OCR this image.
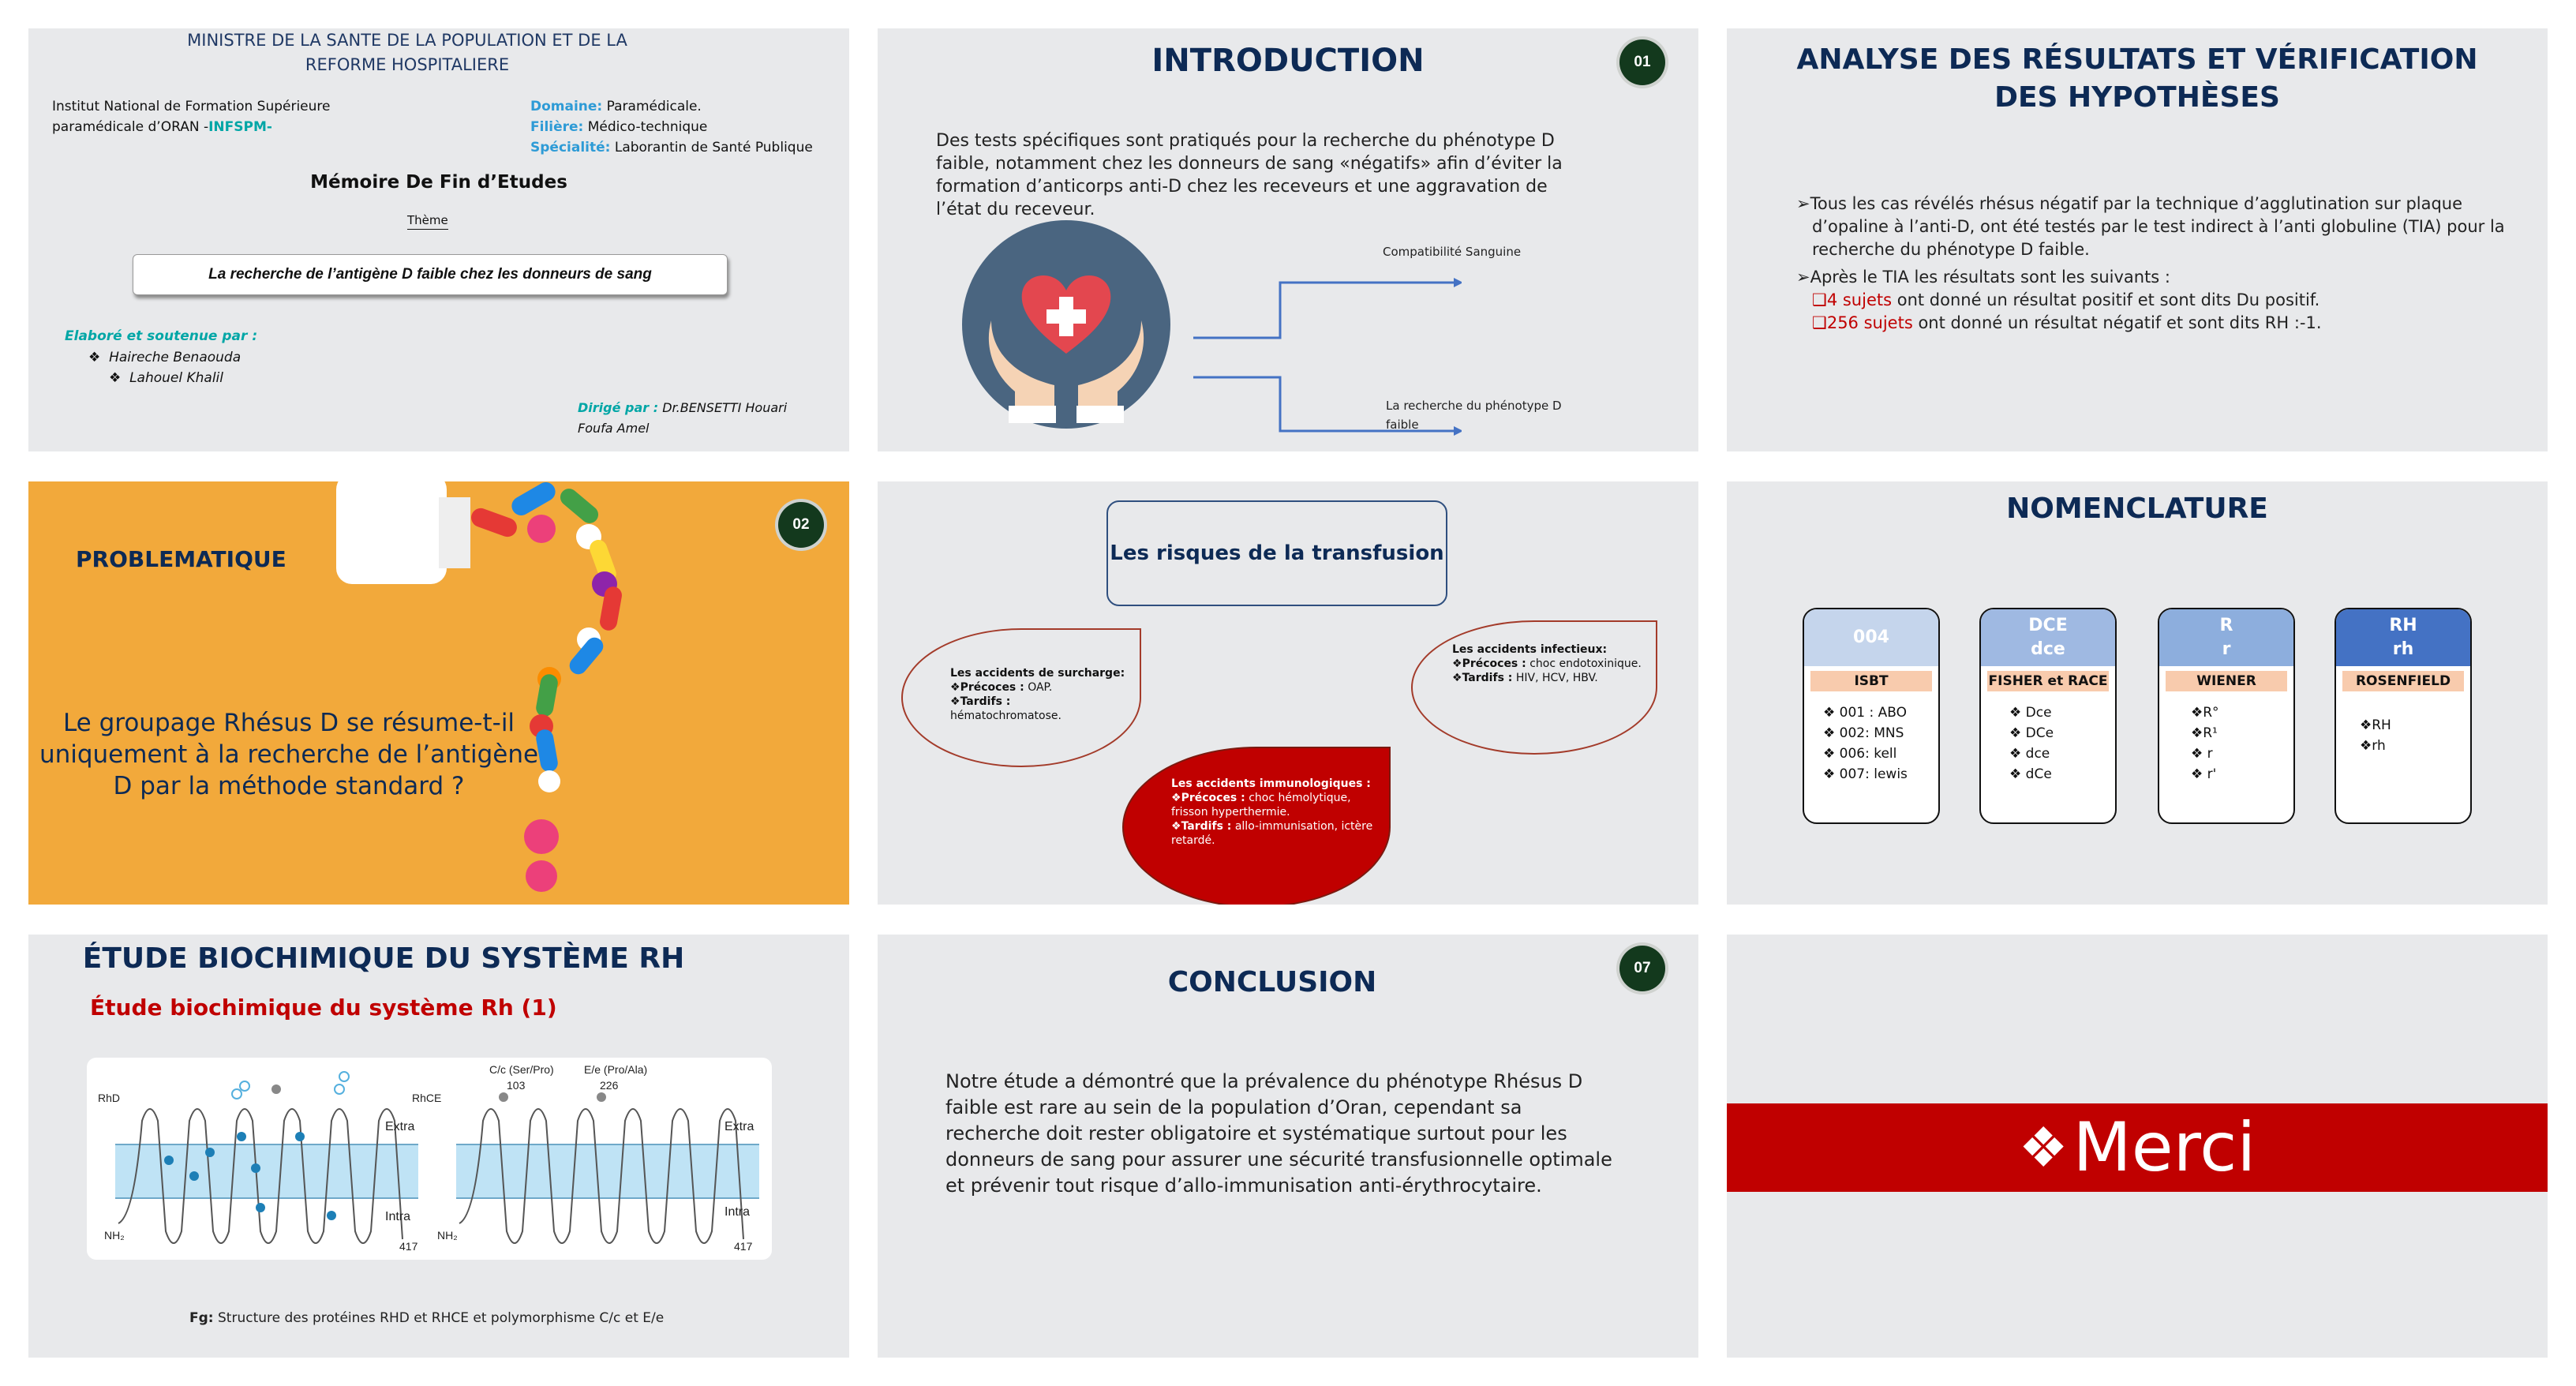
MINISTRE DE LA SANTE DE LA POPULATION ET DE LA REFORME HOSPITALIERE
Institut National de Formation Supérieure
paramédicale d’ORAN -INFSPM-
Domaine: Paramédicale.
Filière: Médico-technique
Spécialité: Laborantin de Santé Publique
Mémoire De Fin d’Etudes
Thème
La recherche de l’antigène D faible chez les donneurs de sang
Elaboré et soutenue par :
❖  Haireche Benaouda
❖  Lahouel Khalil
Dirigé par : Dr.BENSETTI Houari
Foufa Amel
INTRODUCTION	01
Des tests spécifiques sont pratiqués pour la recherche du phénotype D faible, notamment chez les donneurs de sang «négatifs» afin d’éviter la formation d’anticorps anti-D chez les receveurs et une aggravation de l’état du receveur.
Compatibilité Sanguine
La recherche du phénotype D faible
ANALYSE DES RÉSULTATS ET VÉRIFICATION DES HYPOTHÈSES
➢Tous les cas révélés rhésus négatif par la technique d’agglutination sur plaque d’opaline à l’anti-D, ont été testés par le test indirect à l’anti globuline (TIA) pour la recherche du phénotype D faible.
➢Après le TIA les résultats sont les suivants :
❑4 sujets ont donné un résultat positif et sont dits Du positif.
❑256 sujets ont donné un résultat négatif et sont dits RH :-1.
PROBLEMATIQUE
02
Le groupage Rhésus D se résume-t-il uniquement à la recherche de l’antigène D par la méthode standard ?
Les risques de la transfusion
Les accidents de surcharge:
❖Précoces : OAP.
❖Tardifs :
hématochromatose.
Les accidents infectieux:
❖Précoces : choc endotoxinique.
❖Tardifs : HIV, HCV, HBV.
Les accidents immunologiques :
❖Précoces : choc hémolytique, frisson hyperthermie.
❖Tardifs : allo-immunisation, ictère retardé.
NOMENCLATURE
004
ISBT
❖ 001 : ABO
❖ 002: MNS
❖ 006: kell
❖ 007: lewis
DCE
dce
FISHER et RACE
❖ Dce
❖ DCe
❖ dce
❖ dCe
R
r
WIENER
❖R°
❖R¹
❖ r
❖ r'
RH
rh
ROSENFIELD
❖RH
❖rh
ÉTUDE BIOCHIMIQUE DU SYSTÈME RH
Étude biochimique du système Rh (1)
RhD	RhCE
C/c (Ser/Pro)
103
E/e (Pro/Ala)
226
Extra	Extra
Intra	Intra
NH₂	NH₂
417	417
Fg: Structure des protéines RHD et RHCE et polymorphisme C/c et E/e
CONCLUSION	07
Notre étude a démontré que la prévalence du phénotype Rhésus D faible est rare au sein de la population d’Oran, cependant sa recherche doit rester obligatoire et systématique surtout pour les donneurs de sang pour assurer une sécurité transfusionnelle optimale et prévenir tout risque d’allo-immunisation anti-érythrocytaire.
❖ Merci
